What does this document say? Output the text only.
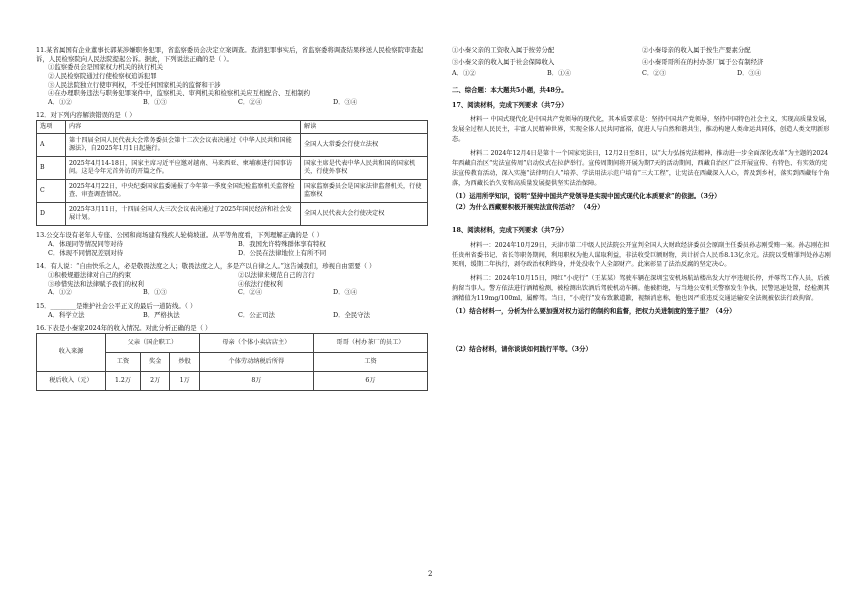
11.某省属国有企业董事长郭某涉嫌职务犯罪，省监察委员会决定立案调查。查清犯罪事实后，省监察委将调查结果移送人民检察院审查起诉，人民检察院向人民法院提起公诉。据此，下列说法正确的是（ ）。

①监察委员会是国家权力机关的执行机关

②人民检察院通过行使检察权追诉犯罪

③人民法院独立行使审判权，不受任何国家机关的监督和干涉

④在办理职务违法与职务犯罪案件中，监察机关、审判机关和检察机关应互相配合、互相制约

A．①②	B．①③	C．②④	D．③④

12．对下列内容解读错误的是（ ）

选项	内容	解读
A	第十四届全国人民代表大会常务委员会第十二次会议表决通过《中华人民共和国能源法》，自2025年1月1日起施行。	全国人大常委会行使立法权
B	2025年4月14-18日，国家主席习近平应邀对越南、马来西亚、柬埔寨进行国事访问。这是今年元首外访的开篇之作。	国家主席是代表中华人民共和国的国家机关，行使外事权
C	2025年4月22日，中央纪委国家监委通报了今年第一季度全国纪检监察机关监督检查、审查调查情况。	国家监察委员会是国家法律监督机关，行使监察权
D	2025年3月11日，十四届全国人大三次会议表决通过了2025年国民经济和社会发展计划。	全国人民代表大会行使决定权

13.公交车设有老年人专座、公园和商场建有残疾人轮椅坡道。从平等角度看，下列理解正确的是（ ）

A．体现同等情况同等对待	B．我国允许特殊群体享有特权
C．体现不同情况差别对待	D．公民在法律地位上有所不同

14．有人说：“自由快乐之人，必是敬畏法度之人；敬畏法度之人，多是产以自律之人。”这告诫我们，珍视自由需要（ ）

①积极规避法律对自己的约束	②以法律来规范自己的言行
③珍惜宪法和法律赋予我们的权利	④依法行使权利
A．①②	B．①③	C．②④	D．③④

15．________是维护社会公平正义的最后一道防线。（ ）

A．科学立法	B．严格执法	C．公正司法	D．全民守法

16.下表是小秦家2024年的收入情况。对此分析正确的是（ ）

收入来源	父亲（国企职工）			母亲（个体小卖店店主）	哥哥（村办茶厂的员工）
	工资	奖金	炒股	个体劳动纳税后所得	工资
税后收入（元）	1.2万	2万	1万	8万	6万
①小秦父亲的工资收入属于按劳分配	②小秦母亲的收入属于按生产要素分配
③小秦父亲的收入属于社会保障收入	④小秦哥哥所在的村办茶厂属于公有制经济
A．①②	B．①④	C．②③	D．③④

二、综合题：本大题共5小题，共48分。

17、阅读材料，完成下列要求（共7分）

材料一 中国式现代化是中国共产党领导的现代化，其本质要求是：坚持中国共产党领导，坚持中国特色社会主义，实现高质量发展，发展全过程人民民主，丰富人民精神世界，实现全体人民共同富裕，促进人与自然和谐共生，推动构建人类命运共同体，创造人类文明新形态。

材料二 2024年12月4日是第十一个国家宪法日，12月2日至8日，以“大力弘扬宪法精神，推动进一步全面深化改革”为主题的2024年西藏自治区“宪法宣传周”启动仪式在拉萨举行。宣传周期间将开展为期7天的活动期间，西藏自治区广泛开展宣传、有特色、有实效的宪法宣传教育活动，深入实施“法律明白人”培养、学法用法示范户培育“三大工程”，让宪法在西藏深入人心，普及到乡村，落实到西藏每个角落，为西藏长治久安和高质量发展提供坚实法治保障。

（1）运用所学知识，说明“坚持中国共产党领导是实现中国式现代化本质要求”的依据。（3分）

（2）为什么西藏要积极开展宪法宣传活动？ （4分）

18、阅读材料，完成下列要求（共7分）

材料一：2024年10月29日，天津市第二中级人民法院公开宣判全国人大财政经济委员会原副主任委员孙志刚受贿一案。孙志刚在担任贵州省委书记、省长等职务期间，利用职权为他人谋取利益，非法收受巨额财物，共计折合人民币8.13亿余元。法院以受贿罪判处孙志刚死刑，缓期二年执行，剥夺政治权利终身，并处没收个人全部财产。此案彰显了法治反腐的坚定决心。

材料二：2024年10月15日，网红“小虎行”（王某某）驾驶车辆在深圳宝安机场航站楼出发大厅亭违规长停，并辱骂工作人员，后被拘留当事人。警方依法进行酒精检测，被检测出饮酒后驾驶机动车辆。他被拒绝，与当地公安机关警察发生争执，民警迅速处置，经检测其酒精值为119mg/100ml，属醉驾。当日，“小虎行”发布致歉道歉，视频消息称，他也因严重违反交通运输安全法规被依法行政拘留。

（1）结合材料一，分析为什么要加强对权力运行的制约和监督，把权力关进制度的笼子里？（4分）

（2）结合材料，请你谈谈如何践行平等。（3分）

2
